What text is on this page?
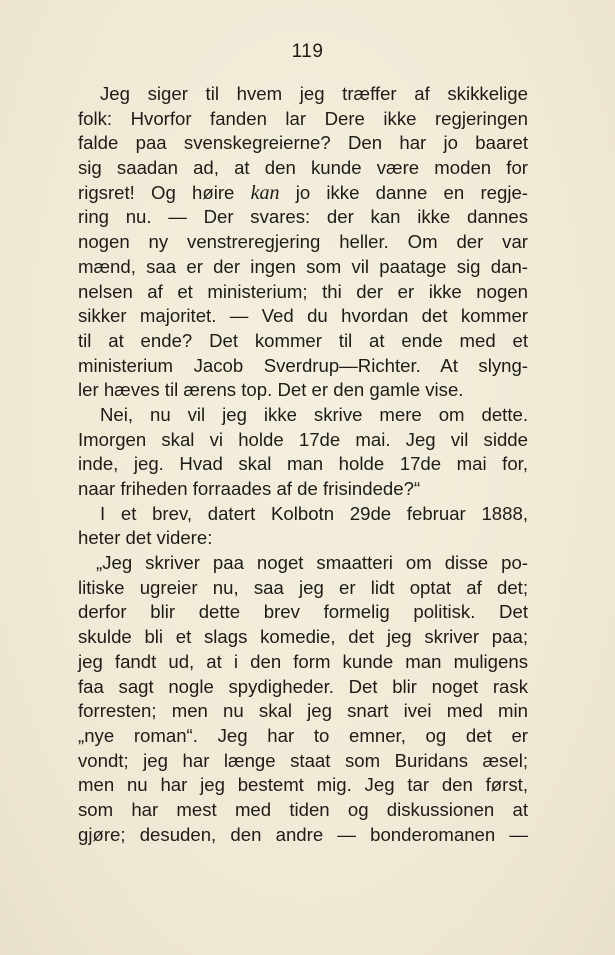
119
Jeg siger til hvem jeg træffer af skikkelige
folk: Hvorfor fanden lar Dere ikke regjeringen
falde paa svenskegreierne? Den har jo baaret
sig saadan ad, at den kunde være moden for
rigsret! Og høire kan jo ikke danne en regje-
ring nu. — Der svares: der kan ikke dannes
nogen ny venstreregjering heller. Om der var
mænd, saa er der ingen som vil paatage sig dan-
nelsen af et ministerium; thi der er ikke nogen
sikker majoritet. — Ved du hvordan det kommer
til at ende? Det kommer til at ende med et
ministerium Jacob Sverdrup—Richter. At slyng-
ler hæves til ærens top. Det er den gamle vise.
Nei, nu vil jeg ikke skrive mere om dette.
Imorgen skal vi holde 17de mai. Jeg vil sidde
inde, jeg. Hvad skal man holde 17de mai for,
naar friheden forraades af de frisindede?“
I et brev, datert Kolbotn 29de februar 1888,
heter det videre:
„Jeg skriver paa noget smaatteri om disse po-
litiske ugreier nu, saa jeg er lidt optat af det;
derfor blir dette brev formelig politisk. Det
skulde bli et slags komedie, det jeg skriver paa;
jeg fandt ud, at i den form kunde man muligens
faa sagt nogle spydigheder. Det blir noget rask
forresten; men nu skal jeg snart ivei med min
„nye roman“. Jeg har to emner, og det er
vondt; jeg har længe staat som Buridans æsel;
men nu har jeg bestemt mig. Jeg tar den først,
som har mest med tiden og diskussionen at
gjøre; desuden, den andre — bonderomanen —
